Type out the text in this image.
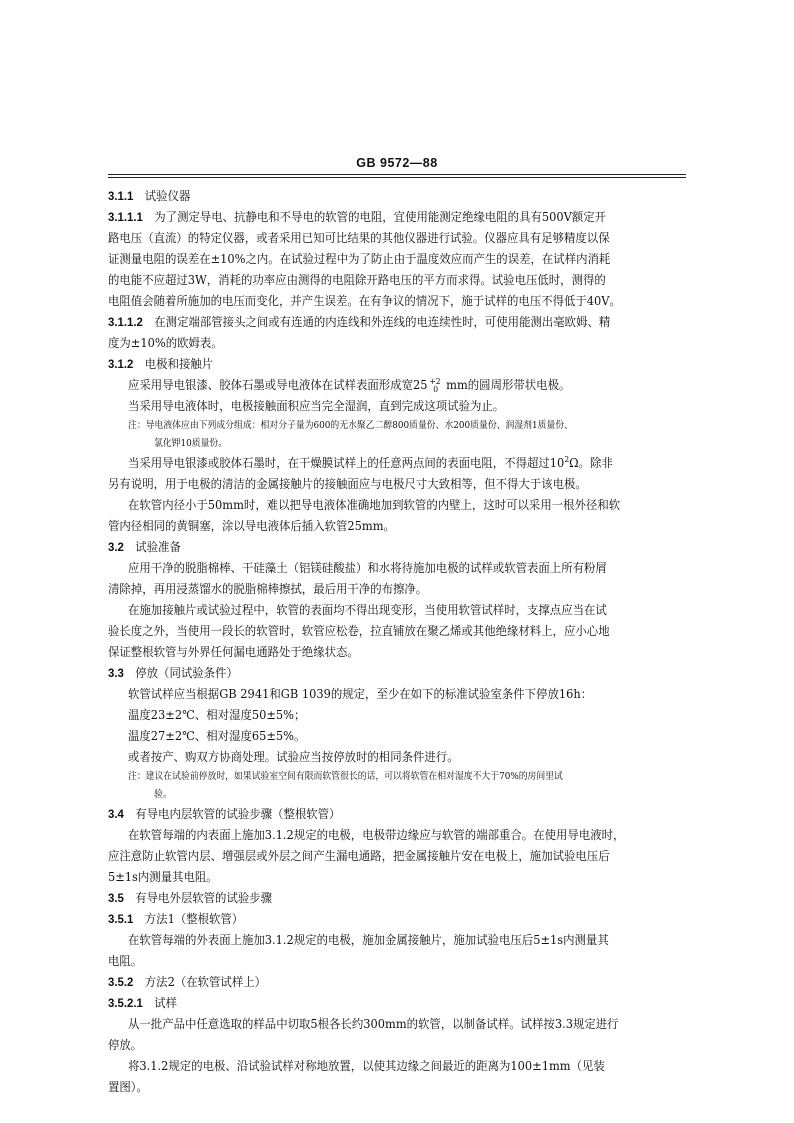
GB 9572—88
3.1.1 试验仪器
3.1.1.1 为了测定导电、抗静电和不导电的软管的电阻，宜使用能测定绝缘电阻的具有500V额定开
路电压（直流）的特定仪器，或者采用已知可比结果的其他仪器进行试验。仪器应具有足够精度以保
证测量电阻的误差在±10%之内。在试验过程中为了防止由于温度效应而产生的误差，在试样内消耗
的电能不应超过3W，消耗的功率应由测得的电阻除开路电压的平方而求得。试验电压低时，测得的
电阻值会随着所施加的电压而变化，并产生误差。在有争议的情况下，施于试样的电压不得低于40V。
3.1.1.2 在测定端部管接头之间或有连通的内连线和外连线的电连续性时，可使用能测出毫欧姆、精
度为±10%的欧姆表。
3.1.2 电极和接触片
应采用导电银漆、胶体石墨或导电液体在试样表面形成宽25 +2
0 mm的圆周形带状电极。
当采用导电液体时，电极接触面积应当完全湿润，直到完成这项试验为止。
注：导电液体应由下列成分组成：相对分子量为600的无水聚乙二醇800质量份、水200质量份、润湿剂1质量份、
氯化钾10质量份。
当采用导电银漆或胶体石墨时，在干燥膜试样上的任意两点间的表面电阻，不得超过$10^2\Omega$。除非
另有说明，用于电极的清洁的金属接触片的接触面应与电极尺寸大致相等，但不得大于该电极。
在软管内径小于50mm时，难以把导电液体准确地加到软管的内壁上，这时可以采用一根外径和软
管内径相同的黄铜塞，涂以导电液体后插入软管25mm。
3.2 试验准备
应用干净的脱脂棉棒、干硅藻土（铝镁硅酸盐）和水将待施加电极的试样或软管表面上所有粉屑
清除掉，再用浸蒸馏水的脱脂棉棒擦拭，最后用干净的布擦净。
在施加接触片或试验过程中，软管的表面均不得出现变形，当使用软管试样时，支撑点应当在试
验长度之外，当使用一段长的软管时，软管应松卷，拉直铺放在聚乙烯或其他绝缘材料上，应小心地
保证整根软管与外界任何漏电通路处于绝缘状态。
3.3 停放（同试验条件）
软管试样应当根据GB 2941和GB 1039的规定，至少在如下的标准试验室条件下停放16h：
温度23±2℃、相对湿度50±5%；
温度27±2℃、相对湿度65±5%。
或者按产、购双方协商处理。试验应当按停放时的相同条件进行。
注：建议在试验前停放时，如果试验室空间有限而软管很长的话，可以将软管在相对湿度不大于70%的房间里试
验。
3.4 有导电内层软管的试验步骤（整根软管）
在软管每端的内表面上施加3.1.2规定的电极，电极带边缘应与软管的端部重合。在使用导电液时，
应注意防止软管内层、增强层或外层之间产生漏电通路，把金属接触片安在电极上，施加试验电压后
5±1s内测量其电阻。
3.5 有导电外层软管的试验步骤
3.5.1 方法1（整根软管）
在软管每端的外表面上施加3.1.2规定的电极，施加金属接触片，施加试验电压后5±1s内测量其
电阻。
3.5.2 方法2（在软管试样上）
3.5.2.1 试样
从一批产品中任意选取的样品中切取5根各长约300mm的软管，以制备试样。试样按3.3规定进行
停放。
将3.1.2规定的电极、沿试验试样对称地放置，以使其边缘之间最近的距离为100±1mm（见装
置图）。
